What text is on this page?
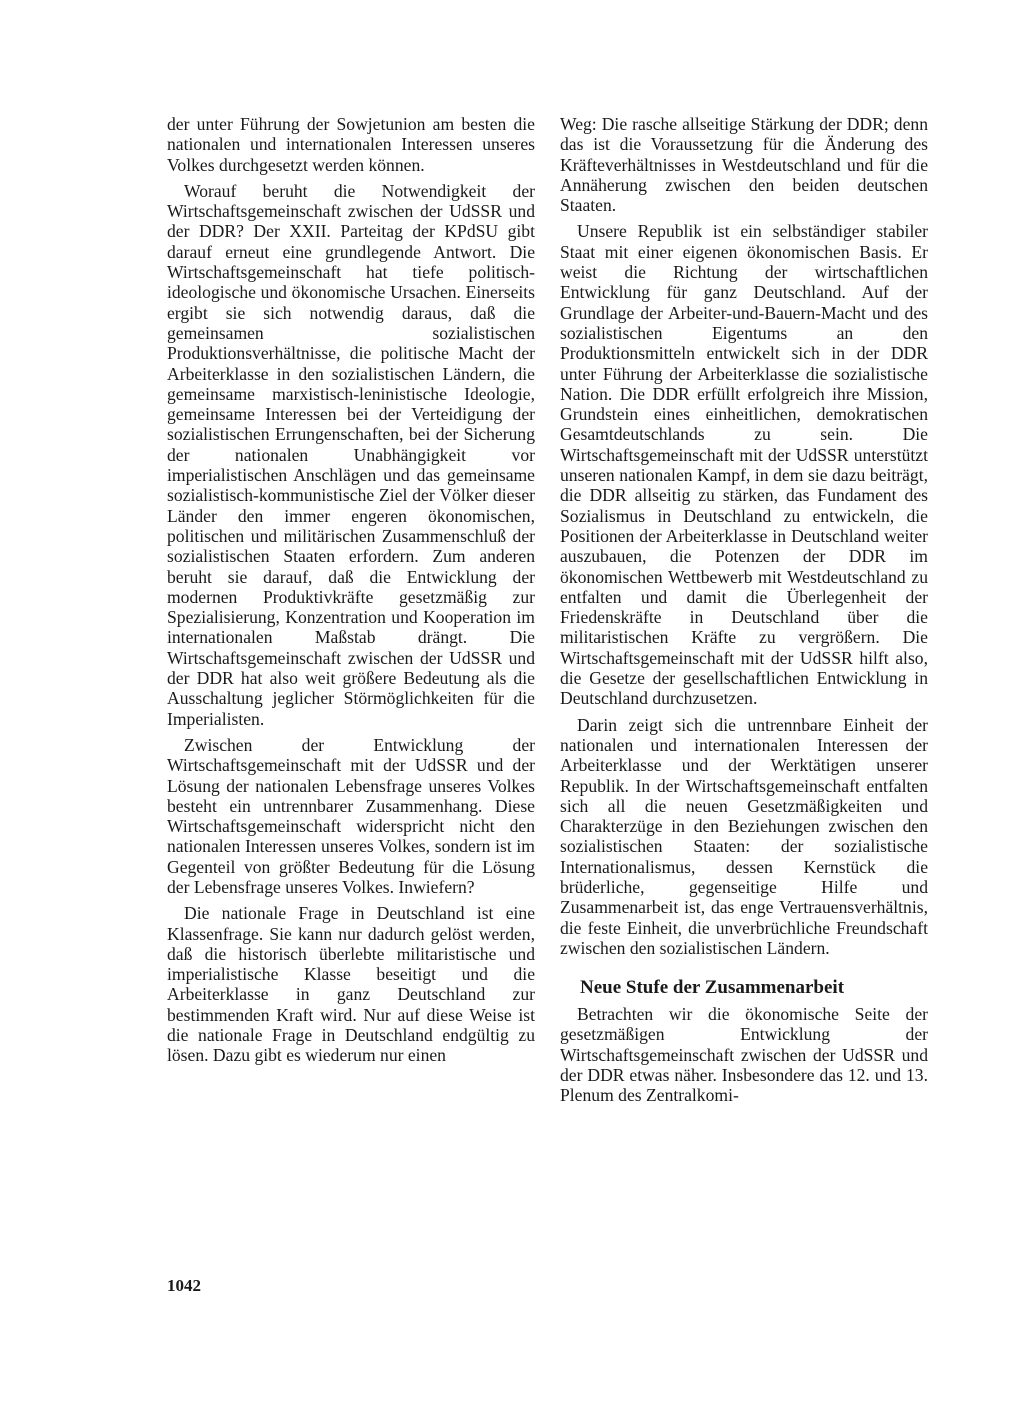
der unter Führung der Sowjetunion am besten die nationalen und internationalen Interessen unseres Volkes durchgesetzt werden können.

Worauf beruht die Notwendigkeit der Wirtschaftsgemeinschaft zwischen der UdSSR und der DDR? Der XXII. Parteitag der KPdSU gibt darauf erneut eine grundlegende Antwort. Die Wirtschaftsgemeinschaft hat tiefe politisch-ideologische und ökonomische Ursachen. Einerseits ergibt sie sich notwendig daraus, daß die gemeinsamen sozialistischen Produktionsverhältnisse, die politische Macht der Arbeiterklasse in den sozialistischen Ländern, die gemeinsame marxistisch-leninistische Ideologie, gemeinsame Interessen bei der Verteidigung der sozialistischen Errungenschaften, bei der Sicherung der nationalen Unabhängigkeit vor imperialistischen Anschlägen und das gemeinsame sozialistisch-kommunistische Ziel der Völker dieser Länder den immer engeren ökonomischen, politischen und militärischen Zusammenschluß der sozialistischen Staaten erfordern. Zum anderen beruht sie darauf, daß die Entwicklung der modernen Produktivkräfte gesetzmäßig zur Spezialisierung, Konzentration und Kooperation im internationalen Maßstab drängt. Die Wirtschaftsgemeinschaft zwischen der UdSSR und der DDR hat also weit größere Bedeutung als die Ausschaltung jeglicher Störmöglichkeiten für die Imperialisten.

Zwischen der Entwicklung der Wirtschaftsgemeinschaft mit der UdSSR und der Lösung der nationalen Lebensfrage unseres Volkes besteht ein untrennbarer Zusammenhang. Diese Wirtschaftsgemeinschaft widerspricht nicht den nationalen Interessen unseres Volkes, sondern ist im Gegenteil von größter Bedeutung für die Lösung der Lebensfrage unseres Volkes. Inwiefern?

Die nationale Frage in Deutschland ist eine Klassenfrage. Sie kann nur dadurch gelöst werden, daß die historisch überlebte militaristische und imperialistische Klasse beseitigt und die Arbeiterklasse in ganz Deutschland zur bestimmenden Kraft wird. Nur auf diese Weise ist die nationale Frage in Deutschland endgültig zu lösen. Dazu gibt es wiederum nur einen

Weg: Die rasche allseitige Stärkung der DDR; denn das ist die Voraussetzung für die Änderung des Kräfteverhältnisses in Westdeutschland und für die Annäherung zwischen den beiden deutschen Staaten.

Unsere Republik ist ein selbständiger stabiler Staat mit einer eigenen ökonomischen Basis. Er weist die Richtung der wirtschaftlichen Entwicklung für ganz Deutschland. Auf der Grundlage der Arbeiter-und-Bauern-Macht und des sozialistischen Eigentums an den Produktionsmitteln entwickelt sich in der DDR unter Führung der Arbeiterklasse die sozialistische Nation. Die DDR erfüllt erfolgreich ihre Mission, Grundstein eines einheitlichen, demokratischen Gesamtdeutschlands zu sein. Die Wirtschaftsgemeinschaft mit der UdSSR unterstützt unseren nationalen Kampf, in dem sie dazu beiträgt, die DDR allseitig zu stärken, das Fundament des Sozialismus in Deutschland zu entwickeln, die Positionen der Arbeiterklasse in Deutschland weiter auszubauen, die Potenzen der DDR im ökonomischen Wettbewerb mit Westdeutschland zu entfalten und damit die Überlegenheit der Friedenskräfte in Deutschland über die militaristischen Kräfte zu vergrößern. Die Wirtschaftsgemeinschaft mit der UdSSR hilft also, die Gesetze der gesellschaftlichen Entwicklung in Deutschland durchzusetzen.

Darin zeigt sich die untrennbare Einheit der nationalen und internationalen Interessen der Arbeiterklasse und der Werktätigen unserer Republik. In der Wirtschaftsgemeinschaft entfalten sich all die neuen Gesetzmäßigkeiten und Charakterzüge in den Beziehungen zwischen den sozialistischen Staaten: der sozialistische Internationalismus, dessen Kernstück die brüderliche, gegenseitige Hilfe und Zusammenarbeit ist, das enge Vertrauensverhältnis, die feste Einheit, die unverbrüchliche Freundschaft zwischen den sozialistischen Ländern.

Neue Stufe der Zusammenarbeit

Betrachten wir die ökonomische Seite der gesetzmäßigen Entwicklung der Wirtschaftsgemeinschaft zwischen der UdSSR und der DDR etwas näher. Insbesondere das 12. und 13. Plenum des Zentralkomi-

1042
